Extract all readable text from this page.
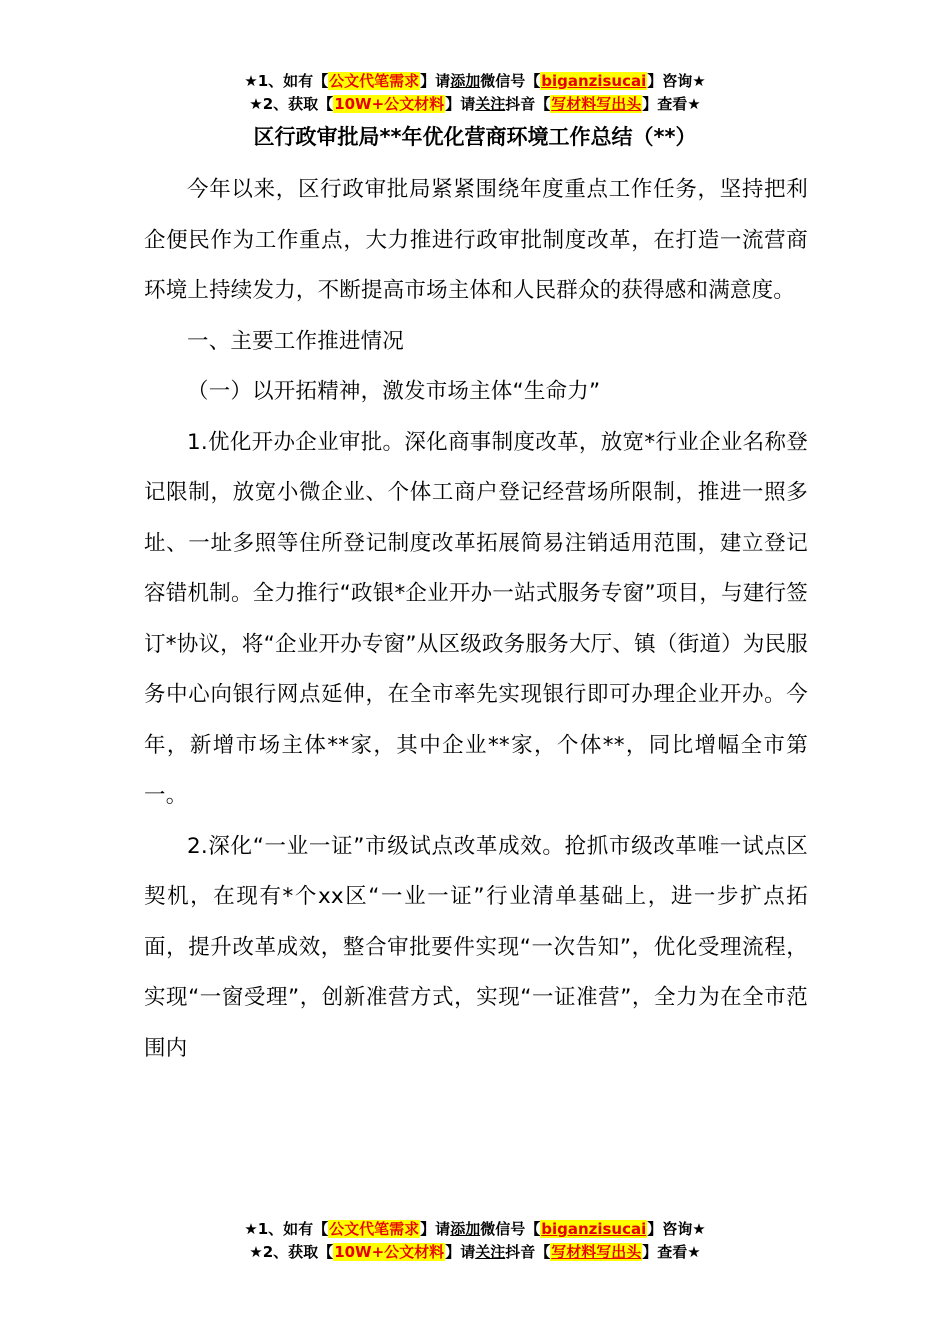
★1、如有【公文代笔需求】请添加微信号【biganzisucai】咨询★
★2、获取【10W+公文材料】请关注抖音【写材料写出头】查看★
区行政审批局**年优化营商环境工作总结（**）

今年以来，区行政审批局紧紧围绕年度重点工作任务，坚持把利企便民作为工作重点，大力推进行政审批制度改革，在打造一流营商环境上持续发力，不断提高市场主体和人民群众的获得感和满意度。

一、主要工作推进情况

（一）以开拓精神，激发市场主体“生命力”

1.优化开办企业审批。深化商事制度改革，放宽*行业企业名称登记限制，放宽小微企业、个体工商户登记经营场所限制，推进一照多址、一址多照等住所登记制度改革拓展简易注销适用范围，建立登记容错机制。全力推行“政银*企业开办一站式服务专窗”项目，与建行签订*协议，将“企业开办专窗”从区级政务服务大厅、镇（街道）为民服务中心向银行网点延伸，在全市率先实现银行即可办理企业开办。今年，新增市场主体**家，其中企业**家，个体**，同比增幅全市第一。

2.深化“一业一证”市级试点改革成效。抢抓市级改革唯一试点区契机，在现有*个xx区“一业一证”行业清单基础上，进一步扩点拓面，提升改革成效，整合审批要件实现“一次告知”，优化受理流程，实现“一窗受理”，创新准营方式，实现“一证准营”，全力为在全市范围内

★1、如有【公文代笔需求】请添加微信号【biganzisucai】咨询★
★2、获取【10W+公文材料】请关注抖音【写材料写出头】查看★
